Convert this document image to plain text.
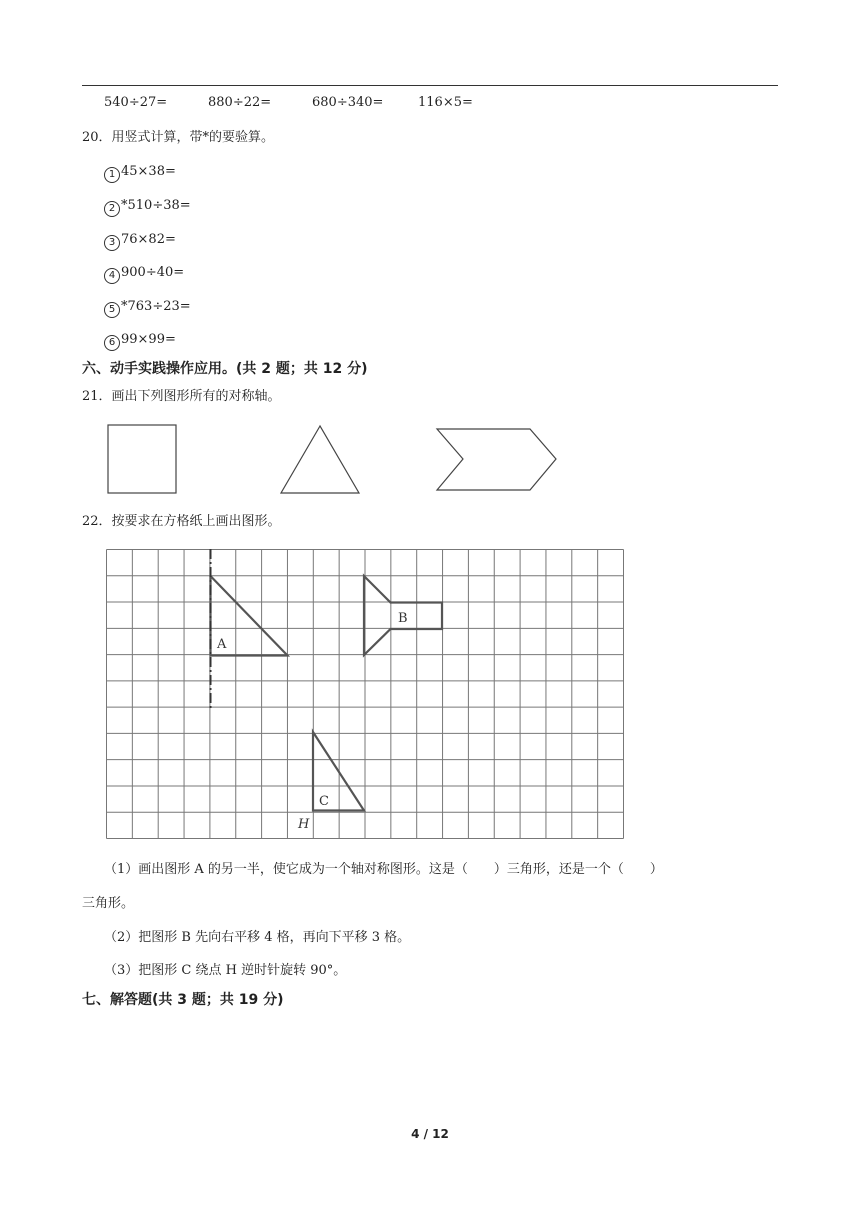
540÷27=	880÷22=	680÷340=	116×5=
20．用竖式计算，带*的要验算。
1 45×38=
2 *510÷38=
3 76×82=
4 900÷40=
5 *763÷23=
6 99×99=
六、动手实践操作应用。(共 2 题；共 12 分)
21．画出下列图形所有的对称轴。
22．按要求在方格纸上画出图形。
A
B
C
H
（1）画出图形 A 的另一半，使它成为一个轴对称图形。这是（　　）三角形，还是一个（　　）
三角形。
（2）把图形 B 先向右平移 4 格，再向下平移 3 格。
（3）把图形 C 绕点 H 逆时针旋转 90°。
七、解答题(共 3 题；共 19 分)
4 / 12
